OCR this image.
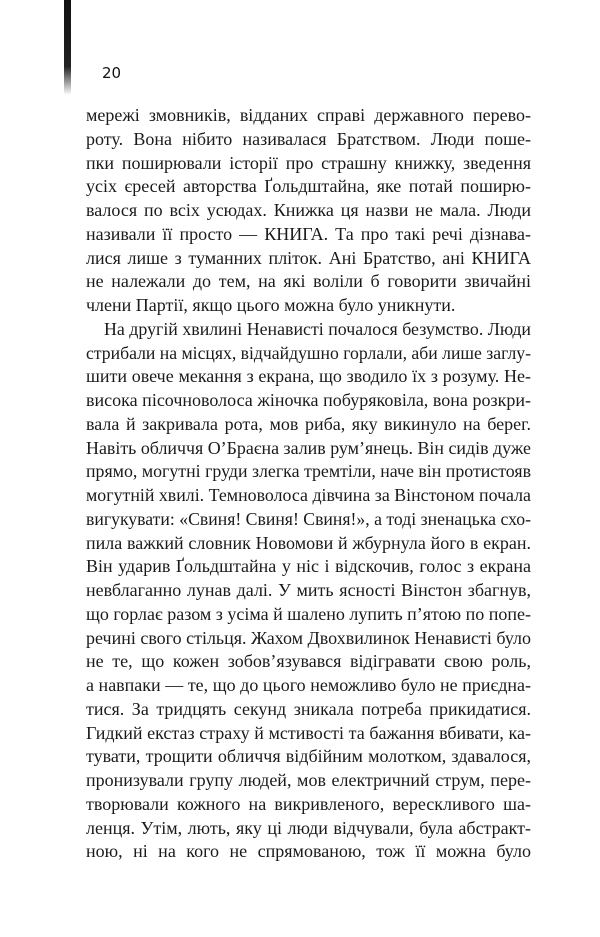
20
мережі змовників, відданих справі державного перево-
роту. Вона нібито називалася Братством. Люди поше-
пки поширювали історії про страшну книжку, зведення
усіх єресей авторства Ґольдштайна, яке потай поширю-
валося по всіх усюдах. Книжка ця назви не мала. Люди
називали її просто — КНИГА. Та про такі речі дізнава-
лися лише з туманних пліток. Ані Братство, ані КНИГА
не належали до тем, на які воліли б говорити звичайні
члени Партії, якщо цього можна було уникнути.
На другій хвилині Ненависті почалося безумство. Люди
стрибали на місцях, відчайдушно горлали, аби лише заглу-
шити овече мекання з екрана, що зводило їх з розуму. Не-
висока пісочноволоса жіночка побуряковіла, вона розкри-
вала й закривала рота, мов риба, яку викинуло на берег.
Навіть обличчя О’Браєна залив рум’янець. Він сидів дуже
прямо, могутні груди злегка тремтіли, наче він протистояв
могутній хвилі. Темноволоса дівчина за Вінстоном почала
вигукувати: «Свиня! Свиня! Свиня!», а тоді зненацька схо-
пила важкий словник Новомови й жбурнула його в екран.
Він ударив Ґольдштайна у ніс і відскочив, голос з екрана
невблаганно лунав далі. У мить ясності Вінстон збагнув,
що горлає разом з усіма й шалено лупить п’ятою по попе-
речині свого стільця. Жахом Двохвилинок Ненависті було
не те, що кожен зобов’язувався відігравати свою роль,
а навпаки — те, що до цього неможливо було не приєдна-
тися. За тридцять секунд зникала потреба прикидатися.
Гидкий екстаз страху й мстивості та бажання вбивати, ка-
тувати, трощити обличчя відбійним молотком, здавалося,
пронизували групу людей, мов електричний струм, пере-
творювали кожного на викривленого, верескливого ша-
ленця. Утім, лють, яку ці люди відчували, була абстракт-
ною, ні на кого не спрямованою, тож її можна було
